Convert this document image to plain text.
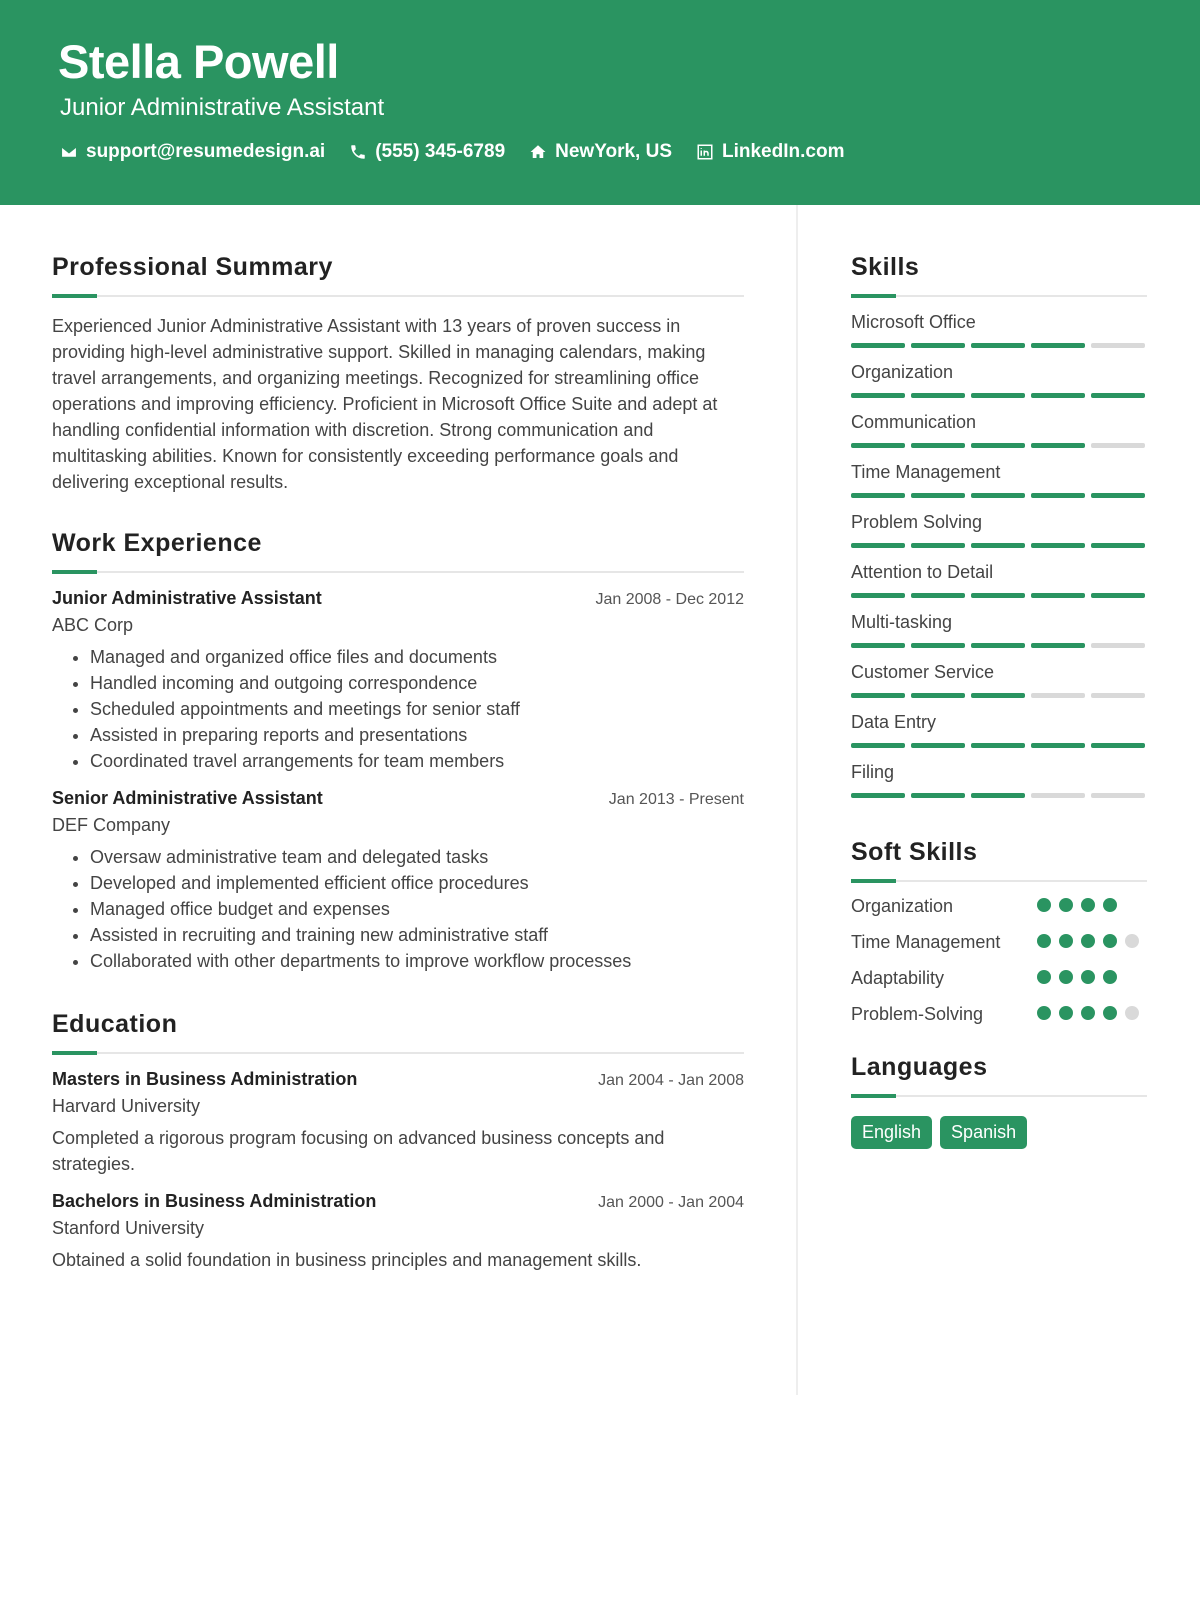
Stella Powell
Junior Administrative Assistant
support@resumedesign.ai	(555) 345-6789	NewYork, US	LinkedIn.com
Professional Summary

Experienced Junior Administrative Assistant with 13 years of proven success in providing high-level administrative support. Skilled in managing calendars, making travel arrangements, and organizing meetings. Recognized for streamlining office operations and improving efficiency. Proficient in Microsoft Office Suite and adept at handling confidential information with discretion. Strong communication and multitasking abilities. Known for consistently exceeding performance goals and delivering exceptional results.

Work Experience
Junior Administrative Assistant	Jan 2008 - Dec 2012
ABC Corp
• Managed and organized office files and documents
• Handled incoming and outgoing correspondence
• Scheduled appointments and meetings for senior staff
• Assisted in preparing reports and presentations
• Coordinated travel arrangements for team members
Senior Administrative Assistant	Jan 2013 - Present
DEF Company
• Oversaw administrative team and delegated tasks
• Developed and implemented efficient office procedures
• Managed office budget and expenses
• Assisted in recruiting and training new administrative staff
• Collaborated with other departments to improve workflow processes
Education
Masters in Business Administration	Jan 2004 - Jan 2008
Harvard University
Completed a rigorous program focusing on advanced business concepts and strategies.
Bachelors in Business Administration	Jan 2000 - Jan 2004
Stanford University
Obtained a solid foundation in business principles and management skills.
Skills
Microsoft Office
Organization
Communication
Time Management
Problem Solving
Attention to Detail
Multi-tasking
Customer Service
Data Entry
Filing
Soft Skills
Organization
Time Management
Adaptability
Problem-Solving
Languages
English	Spanish
